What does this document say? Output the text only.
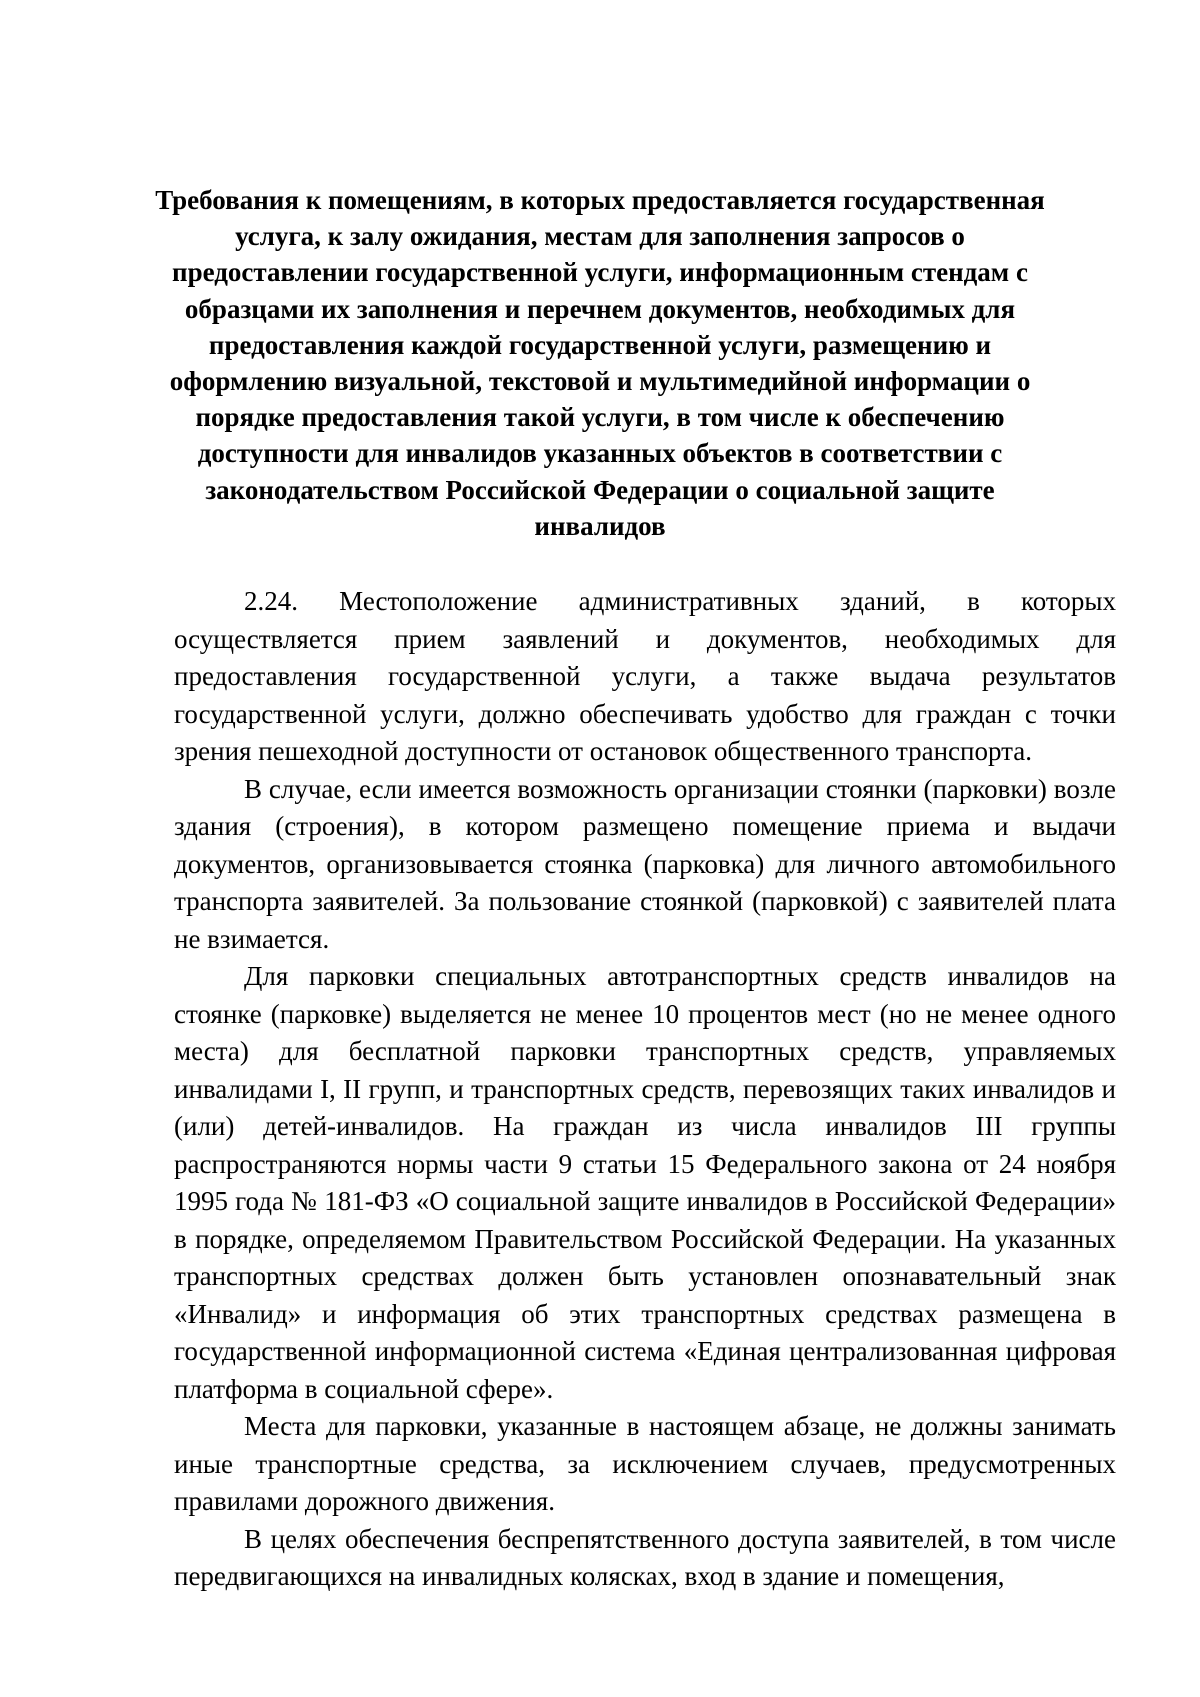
Требования к помещениям, в которых предоставляется государственная услуга, к залу ожидания, местам для заполнения запросов о предоставлении государственной услуги, информационным стендам с образцами их заполнения и перечнем документов, необходимых для предоставления каждой государственной услуги, размещению и оформлению визуальной, текстовой и мультимедийной информации о порядке предоставления такой услуги, в том числе к обеспечению доступности для инвалидов указанных объектов в соответствии с законодательством Российской Федерации о социальной защите инвалидов

2.24. Местоположение административных зданий, в которых осуществляется прием заявлений и документов, необходимых для предоставления государственной услуги, а также выдача результатов государственной услуги, должно обеспечивать удобство для граждан с точки зрения пешеходной доступности от остановок общественного транспорта.

В случае, если имеется возможность организации стоянки (парковки) возле здания (строения), в котором размещено помещение приема и выдачи документов, организовывается стоянка (парковка) для личного автомобильного транспорта заявителей. За пользование стоянкой (парковкой) с заявителей плата не взимается.

Для парковки специальных автотранспортных средств инвалидов на стоянке (парковке) выделяется не менее 10 процентов мест (но не менее одного места) для бесплатной парковки транспортных средств, управляемых инвалидами I, II групп, и транспортных средств, перевозящих таких инвалидов и (или) детей-инвалидов. На граждан из числа инвалидов III группы распространяются нормы части 9 статьи 15 Федерального закона от 24 ноября 1995 года № 181-ФЗ «О социальной защите инвалидов в Российской Федерации» в порядке, определяемом Правительством Российской Федерации. На указанных транспортных средствах должен быть установлен опознавательный знак «Инвалид» и информация об этих транспортных средствах размещена в государственной информационной система «Единая централизованная цифровая платформа в социальной сфере».

Места для парковки, указанные в настоящем абзаце, не должны занимать иные транспортные средства, за исключением случаев, предусмотренных правилами дорожного движения.

В целях обеспечения беспрепятственного доступа заявителей, в том числе передвигающихся на инвалидных колясках, вход в здание и помещения,
